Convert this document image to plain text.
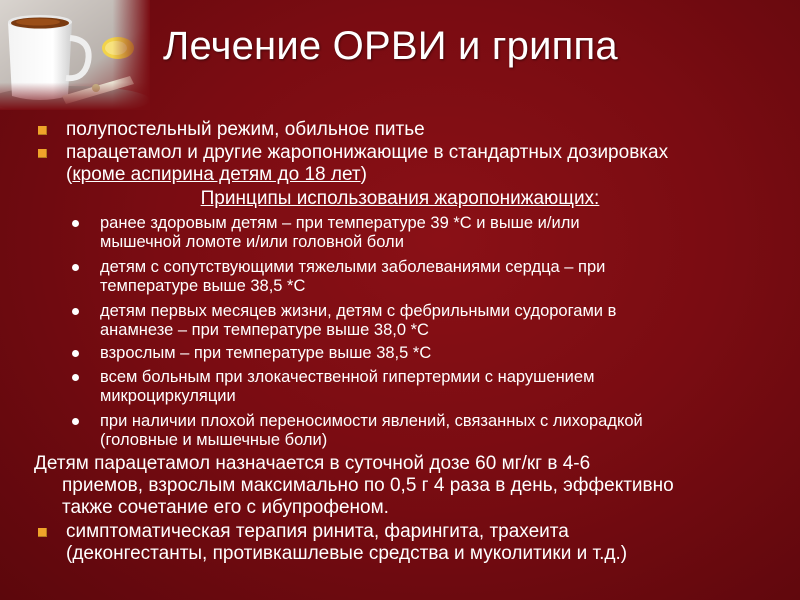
Лечение ОРВИ и гриппа
полупостельный режим, обильное питье
парацетамол и другие жаропонижающие в стандартных дозировках
(кроме аспирина детям до 18 лет)
Принципы использования жаропонижающих:
ранее здоровым детям – при температуре 39 *С и выше и/или
мышечной ломоте и/или головной боли
детям с сопутствующими тяжелыми заболеваниями сердца – при
температуре выше 38,5 *С
детям первых месяцев жизни, детям с фебрильными судорогами в
анамнезе – при температуре выше 38,0 *С
взрослым – при температуре выше 38,5 *С
всем больным при злокачественной гипертермии с нарушением
микроциркуляции
при наличии плохой переносимости явлений, связанных с лихорадкой
(головные и мышечные боли)
Детям парацетамол назначается в суточной дозе 60 мг/кг в 4-6
приемов, взрослым максимально по 0,5 г 4 раза в день, эффективно
также сочетание его с ибупрофеном.
симптоматическая терапия ринита, фарингита, трахеита
(деконгестанты, противкашлевые средства и муколитики и т.д.)
